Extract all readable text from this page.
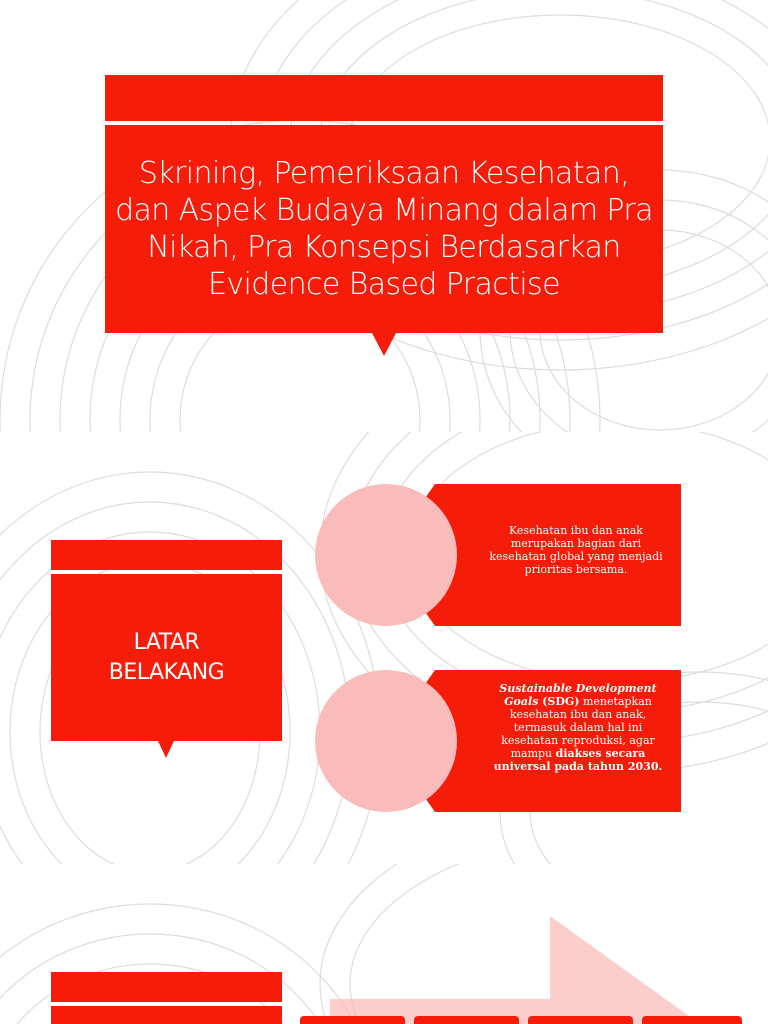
Skrining, Pemeriksaan Kesehatan, dan Aspek Budaya Minang dalam Pra Nikah, Pra Konsepsi Berdasarkan Evidence Based Practise
LATAR
BELAKANG
Kesehatan ibu dan anak merupakan bagian dari kesehatan global yang menjadi prioritas bersama.
Sustainable Development Goals (SDG) menetapkan kesehatan ibu dan anak, termasuk dalam hal ini kesehatan reproduksi, agar mampu diakses secara universal pada tahun 2030.
